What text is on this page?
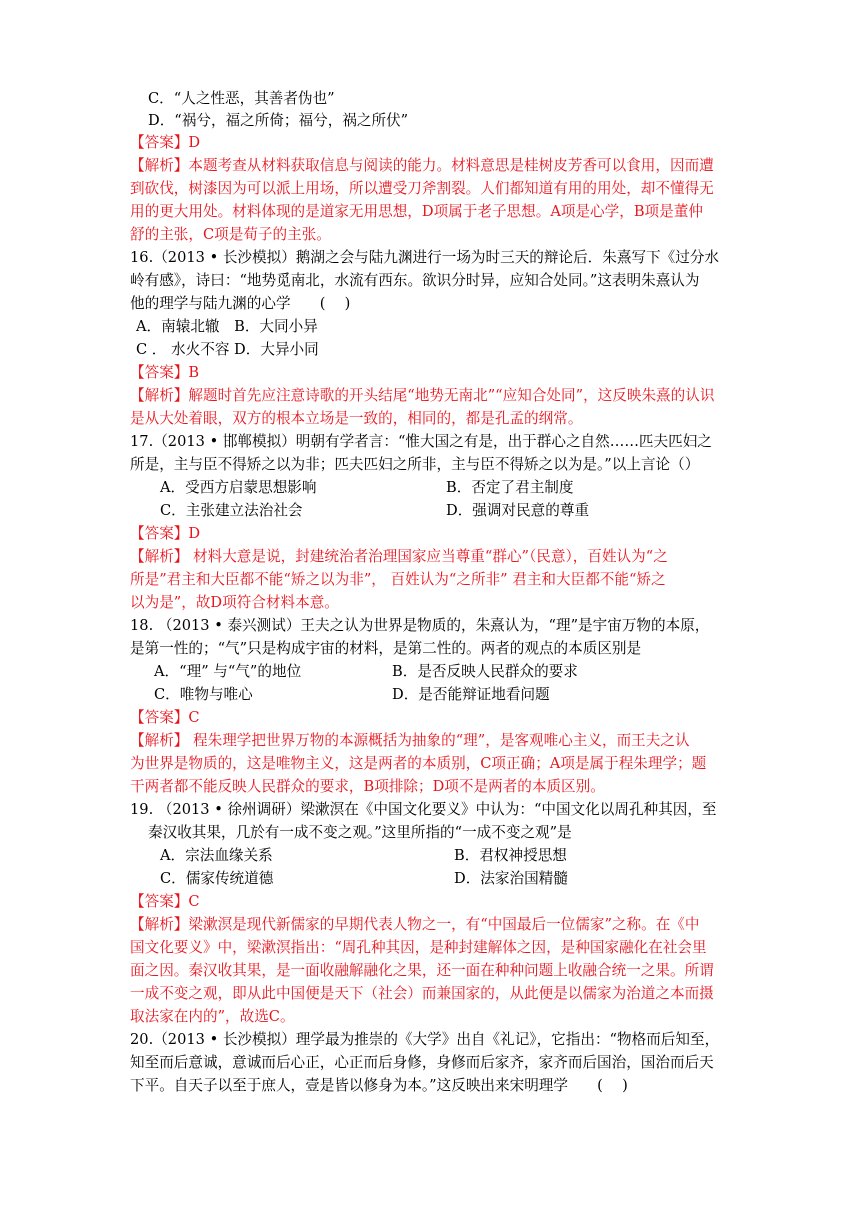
C．“人之性恶，其善者伪也”
D．“祸兮，福之所倚；福兮，祸之所伏”
【答案】D
【解析】本题考查从材料获取信息与阅读的能力。材料意思是桂树皮芳香可以食用，因而遭
到砍伐，树漆因为可以派上用场，所以遭受刀斧割裂。人们都知道有用的用处，却不懂得无
用的更大用处。材料体现的是道家无用思想，D项属于老子思想。A项是心学，B项是董仲
舒的主张，C项是荀子的主张。
16.（2013 • 长沙模拟）鹅湖之会与陆九渊进行一场为时三天的辩论后．朱熹写下《过分水
岭有感》，诗曰：“地势觅南北，水流有西东。欲识分时异，应知合处同。”这表明朱熹认为
他的理学与陆九渊的心学　　(　 )
A．南辕北辙　B．大同小异
C ． 水火不容 D．大异小同
【答案】B
【解析】解题时首先应注意诗歌的开头结尾“地势无南北”“应知合处同”，这反映朱熹的认识
是从大处着眼，双方的根本立场是一致的，相同的，都是孔孟的纲常。
17.（2013 • 邯郸模拟）明朝有学者言：“惟大国之有是，出于群心之自然……匹夫匹妇之
所是，主与臣不得矫之以为非；匹夫匹妇之所非，主与臣不得矫之以为是。”以上言论（）
A．受西方启蒙思想影响	B．否定了君主制度
C．主张建立法治社会	D．强调对民意的尊重
【答案】D
【解析】 材料大意是说，封建统治者治理国家应当尊重“群心”（民意），百姓认为“之
所是”君主和大臣都不能“矫之以为非”， 百姓认为“之所非” 君主和大臣都不能“矫之
以为是”，故D项符合材料本意。
18. （2013 • 泰兴测试）王夫之认为世界是物质的，朱熹认为，“理”是宇宙万物的本原，
是第一性的；“气”只是构成宇宙的材料，是第二性的。两者的观点的本质区别是
A．“理” 与“气”的地位	B．是否反映人民群众的要求
C．唯物与唯心	D．是否能辩证地看问题
【答案】C
【解析】 程朱理学把世界万物的本源概括为抽象的“理”，是客观唯心主义，而王夫之认
为世界是物质的，这是唯物主义，这是两者的本质别，C项正确；A项是属于程朱理学；题
干两者都不能反映人民群众的要求，B项排除；D项不是两者的本质区别。
19. （2013 • 徐州调研）梁漱溟在《中国文化要义》中认为：“中国文化以周孔种其因，至
秦汉收其果，几於有一成不变之观。”这里所指的“一成不变之观”是
A．宗法血缘关系	B．君权神授思想
C．儒家传统道德	D．法家治国精髓
【答案】C
【解析】梁漱溟是现代新儒家的早期代表人物之一，有“中国最后一位儒家”之称。在《中
国文化要义》中，梁漱溟指出：“周孔种其因，是种封建解体之因，是种国家融化在社会里
面之因。秦汉收其果，是一面收融解融化之果，还一面在种种问题上收融合统一之果。所谓
一成不变之观，即从此中国便是天下（社会）而兼国家的，从此便是以儒家为治道之本而摄
取法家在内的”，故选C。
20.（2013 • 长沙模拟）理学最为推崇的《大学》出自《礼记》，它指出：“物格而后知至，
知至而后意诚，意诚而后心正，心正而后身修，身修而后家齐，家齐而后国治，国治而后天
下平。自天子以至于庶人，壹是皆以修身为本。”这反映出来宋明理学　　(　 )
